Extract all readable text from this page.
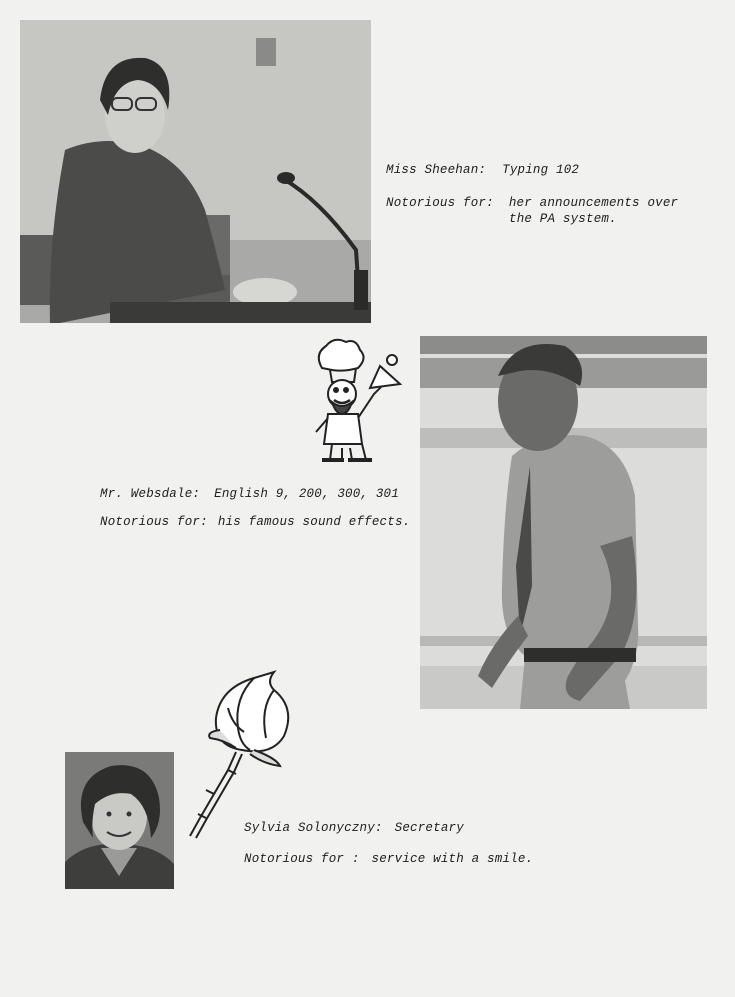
Miss Sheehan: Typing 102
Notorious for: her announcements over
the PA system.
Mr. Websdale: English 9, 200, 300, 301
Notorious for: his famous sound effects.
Sylvia Solonyczny: Secretary
Notorious for : service with a smile.
